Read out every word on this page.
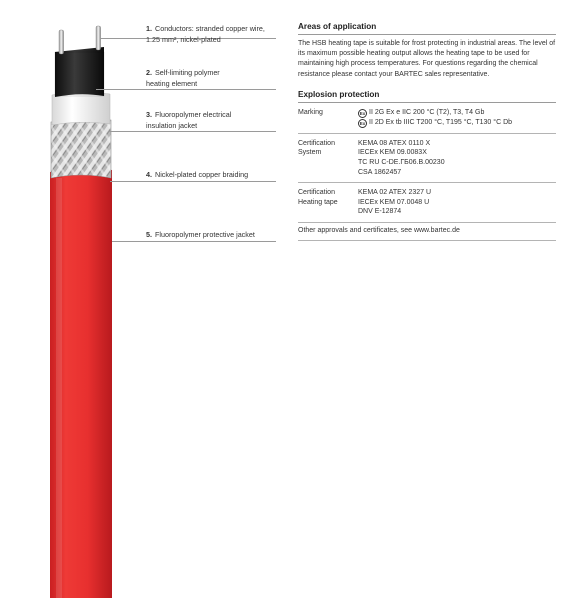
1. Conductors: stranded copper wire,
1.25 mm², nickel-plated
2. Self-limiting polymer
heating element
3. Fluoropolymer electrical
insulation jacket
4. Nickel-plated copper braiding
5. Fluoropolymer protective jacket
Areas of application

The HSB heating tape is suitable for frost protecting in industrial areas. The level of its maximum possible heating output allows the heating tape to be used for maintaining high process temperatures. For questions regarding the chemical resistance please contact your BARTEC sales representative.

Explosion protection
Marking	Ex II 2G Ex e IIC 200 °C (T2), T3, T4 Gb
Ex II 2D Ex tb IIIC T200 °C, T195 °C, T130 °C Db
Certification
System
KEMA 08 ATEX 0110 X
IECEx KEM 09.0083X
TC RU C-DE.ГБ06.В.00230
CSA 1862457
Certification
Heating tape
KEMA 02 ATEX 2327 U
IECEx KEM 07.0048 U
DNV E-12874
Other approvals and certificates, see www.bartec.de
